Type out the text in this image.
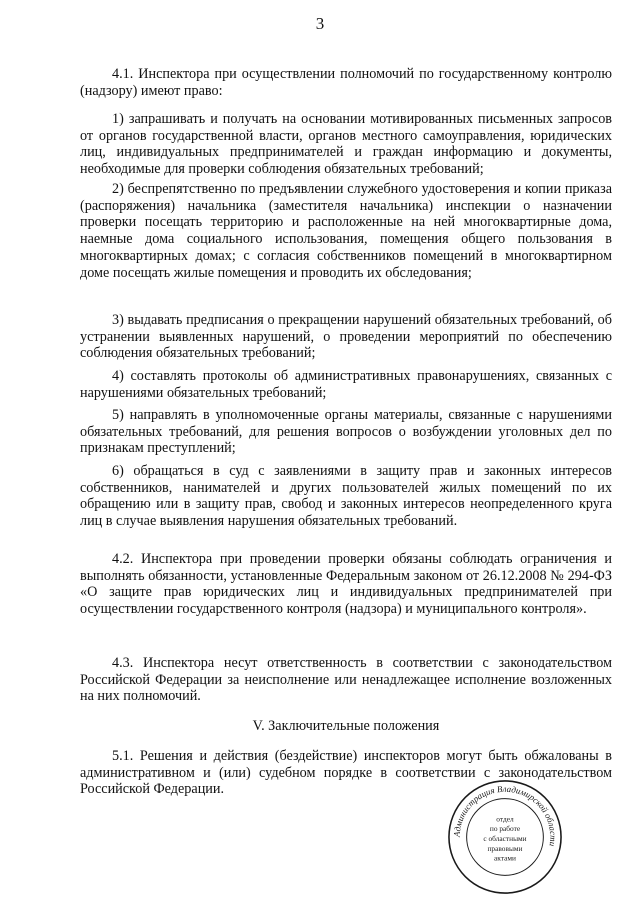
3

4.1. Инспектора при осуществлении полномочий по государственному контролю (надзору) имеют право:

1) запрашивать и получать на основании мотивированных письменных запросов от органов государственной власти, органов местного самоуправления, юридических лиц, индивидуальных предпринимателей и граждан информацию и документы, необходимые для проверки соблюдения обязательных требований;

2) беспрепятственно по предъявлении служебного удостоверения и копии приказа (распоряжения) начальника (заместителя начальника) инспекции о назначении проверки посещать территорию и расположенные на ней многоквартирные дома, наемные дома социального использования, помещения общего пользования в многоквартирных домах; с согласия собственников помещений в многоквартирном доме посещать жилые помещения и проводить их обследования;

3) выдавать предписания о прекращении нарушений обязательных требований, об устранении выявленных нарушений, о проведении мероприятий по обеспечению соблюдения обязательных требований;

4) составлять протоколы об административных правонарушениях, связанных с нарушениями обязательных требований;

5) направлять в уполномоченные органы материалы, связанные с нарушениями обязательных требований, для решения вопросов о возбуждении уголовных дел по признакам преступлений;

6) обращаться в суд с заявлениями в защиту прав и законных интересов собственников, нанимателей и других пользователей жилых помещений по их обращению или в защиту прав, свобод и законных интересов неопределенного круга лиц в случае выявления нарушения обязательных требований.

4.2. Инспектора при проведении проверки обязаны соблюдать ограничения и выполнять обязанности, установленные Федеральным законом от 26.12.2008 № 294-ФЗ «О защите прав юридических лиц и индивидуальных предпринимателей при осуществлении государственного контроля (надзора) и муниципального контроля».

4.3. Инспектора несут ответственность в соответствии с законодательством Российской Федерации за неисполнение или ненадлежащее исполнение возложенных на них полномочий.

V. Заключительные положения

5.1. Решения и действия (бездействие) инспекторов могут быть обжалованы в административном и (или) судебном порядке в соответствии с законодательством Российской Федерации.

Администрация Владимирской области
отдел
по работе
с областными
правовыми
актами
